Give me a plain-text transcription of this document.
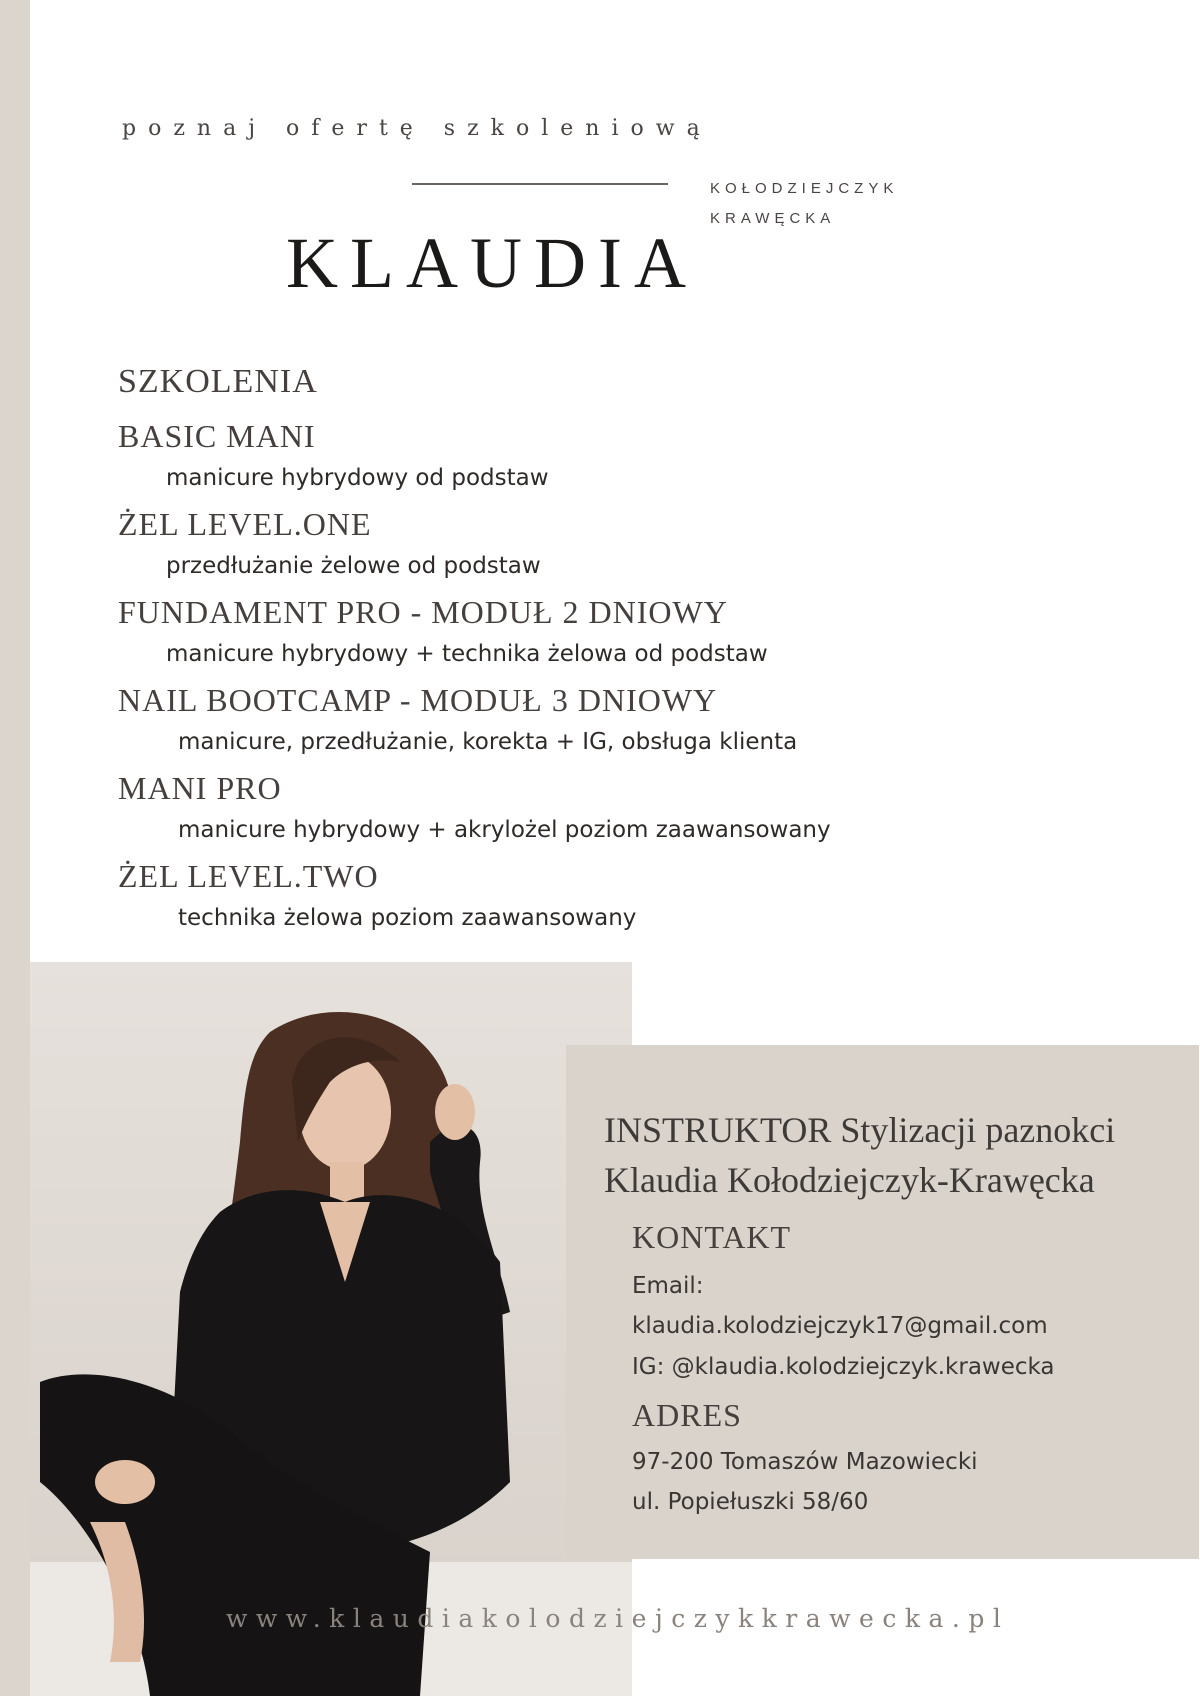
poznaj ofertę szkoleniową
KOŁODZIEJCZYK
KRAWĘCKA
KLAUDIA
SZKOLENIA
BASIC MANI
manicure hybrydowy od podstaw
ŻEL LEVEL.ONE
przedłużanie żelowe od podstaw
FUNDAMENT PRO - MODUŁ 2 DNIOWY
manicure hybrydowy + technika żelowa od podstaw
NAIL BOOTCAMP - MODUŁ 3 DNIOWY
manicure, przedłużanie, korekta + IG, obsługa klienta
MANI PRO
manicure hybrydowy + akrylożel poziom zaawansowany
ŻEL LEVEL.TWO
technika żelowa poziom zaawansowany
INSTRUKTOR Stylizacji paznokci
Klaudia Kołodziejczyk-Krawęcka
KONTAKT
Email:
klaudia.kolodziejczyk17@gmail.com
IG: @klaudia.kolodziejczyk.krawecka
ADRES
97-200 Tomaszów Mazowiecki
ul. Popiełuszki 58/60
www.klaudiakolodziejczykkrawecka.pl
